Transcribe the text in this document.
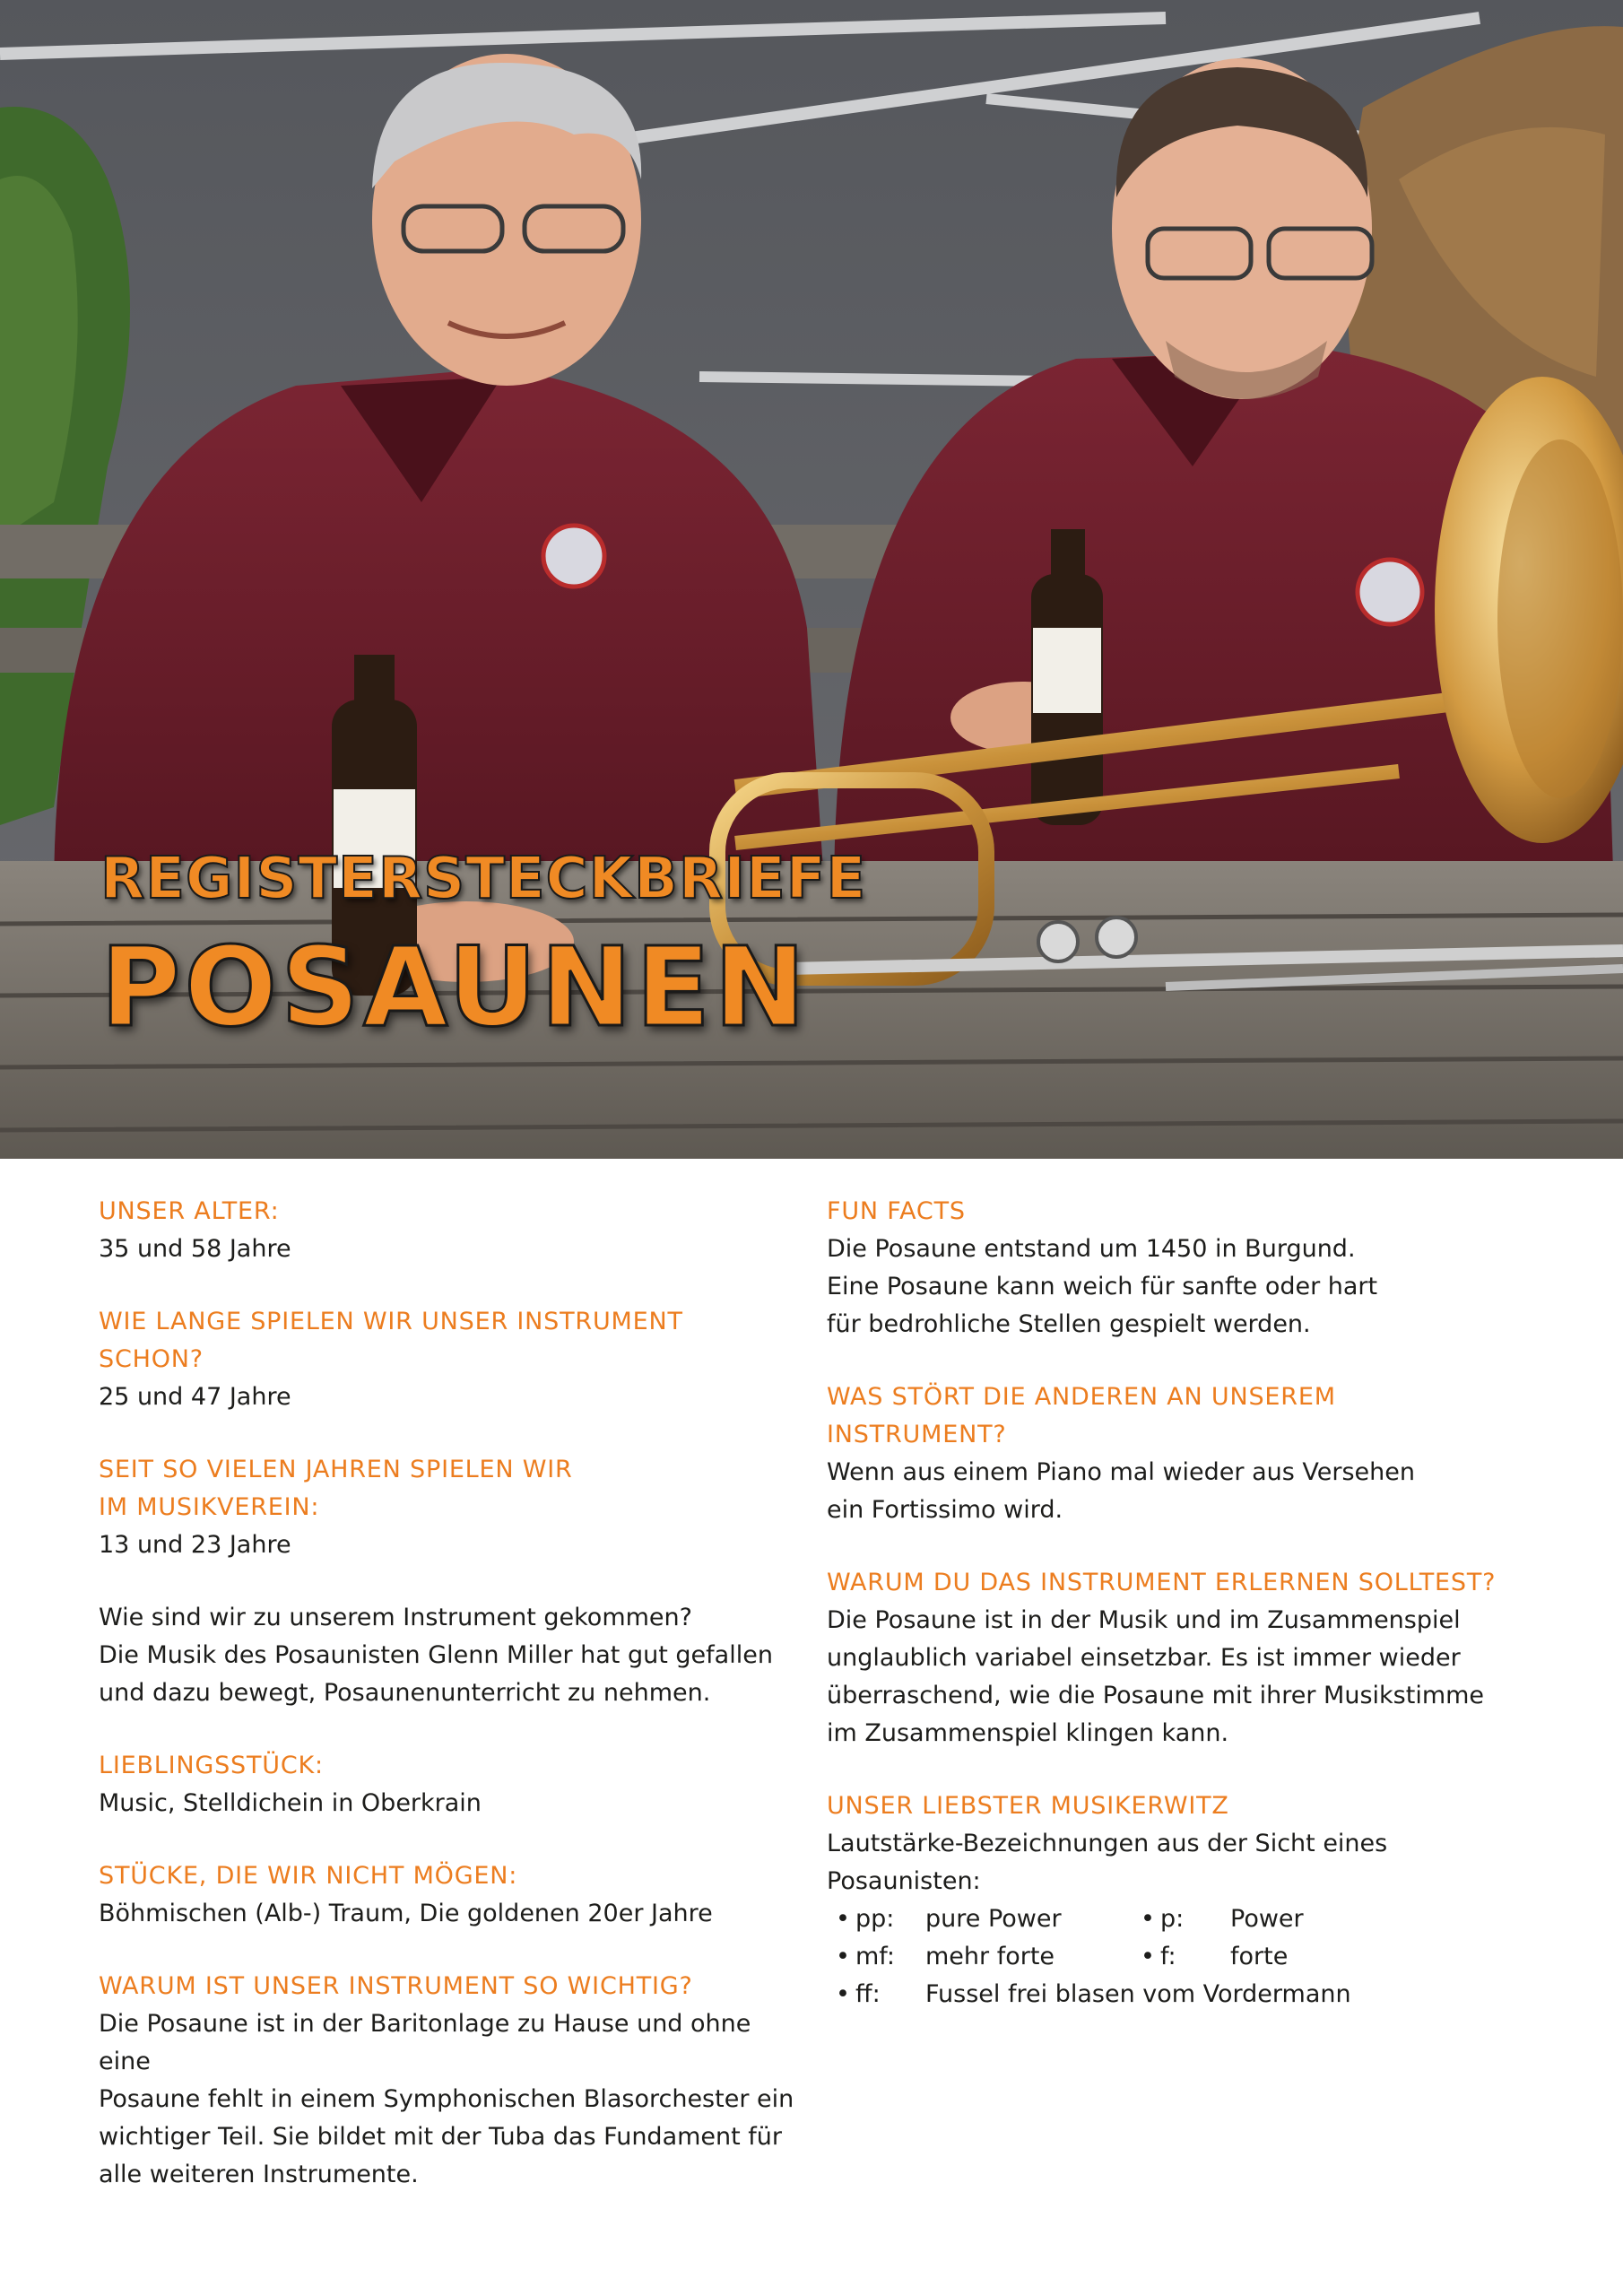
REGISTERSTECKBRIEFE
POSAUNEN
UNSER ALTER:
35 und 58 Jahre
WIE LANGE SPIELEN WIR UNSER INSTRUMENT
SCHON?
25 und 47 Jahre
SEIT SO VIELEN JAHREN SPIELEN WIR
IM MUSIKVEREIN:
13 und 23 Jahre
Wie sind wir zu unserem Instrument gekommen?
Die Musik des Posaunisten Glenn Miller hat gut gefallen
und dazu bewegt, Posaunenunterricht zu nehmen.
LIEBLINGSSTÜCK:
Music, Stelldichein in Oberkrain
STÜCKE, DIE WIR NICHT MÖGEN:
Böhmischen (Alb-) Traum, Die goldenen 20er Jahre
WARUM IST UNSER INSTRUMENT SO WICHTIG?
Die Posaune ist in der Baritonlage zu Hause und ohne eine
Posaune fehlt in einem Symphonischen Blasorchester ein
wichtiger Teil. Sie bildet mit der Tuba das Fundament für
alle weiteren Instrumente.
FUN FACTS
Die Posaune entstand um 1450 in Burgund.
Eine Posaune kann weich für sanfte oder hart
für bedrohliche Stellen gespielt werden.
WAS STÖRT DIE ANDEREN AN UNSEREM
INSTRUMENT?
Wenn aus einem Piano mal wieder aus Versehen
ein Fortissimo wird.
WARUM DU DAS INSTRUMENT ERLERNEN SOLLTEST?
Die Posaune ist in der Musik und im Zusammenspiel
unglaublich variabel einsetzbar. Es ist immer wieder
überraschend, wie die Posaune mit ihrer Musikstimme
im Zusammenspiel klingen kann.
UNSER LIEBSTER MUSIKERWITZ
Lautstärke-Bezeichnungen aus der Sicht eines Posaunisten:
• pp:	pure Power	• p:	Power
• mf:	mehr forte	• f:	forte
• ff:	Fussel frei blasen vom Vordermann
